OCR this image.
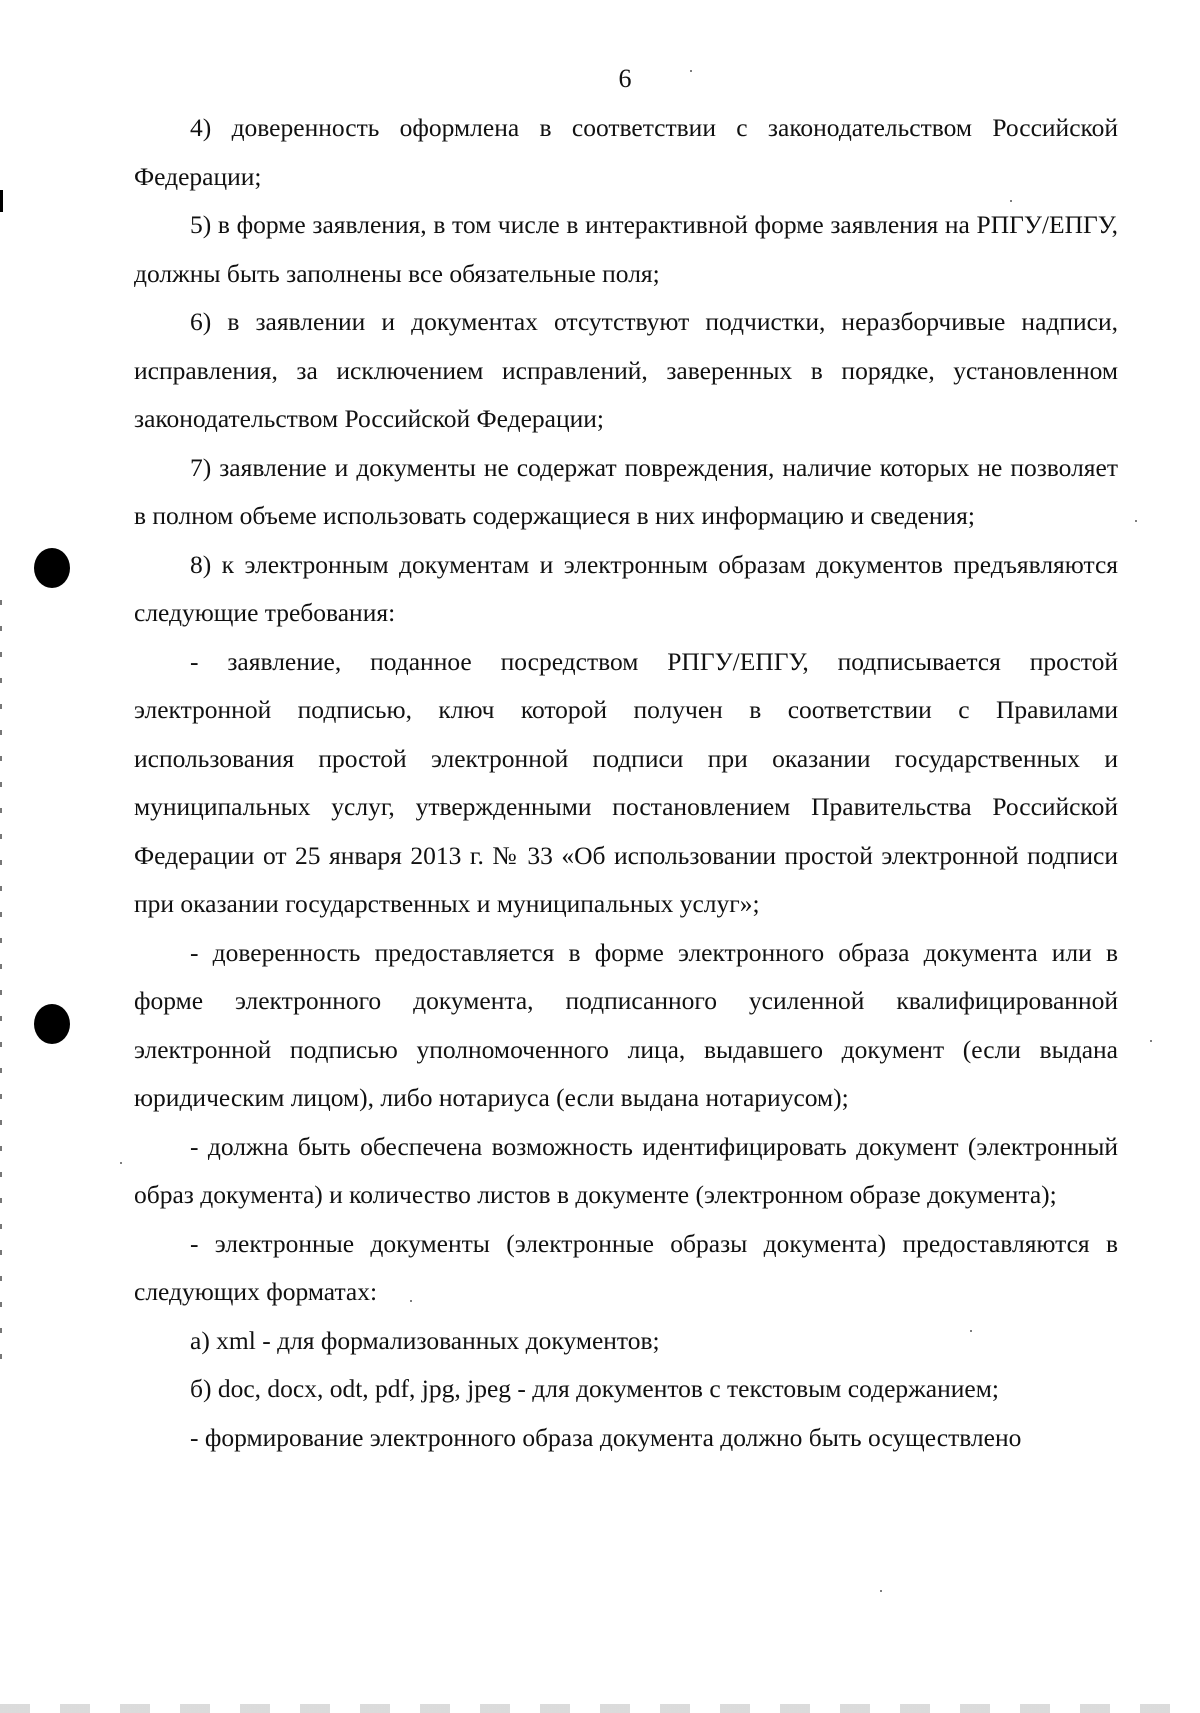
6

4) доверенность оформлена в соответствии с законодательством Российской Федерации;

5) в форме заявления, в том числе в интерактивной форме заявления на РПГУ/ЕПГУ, должны быть заполнены все обязательные поля;

6) в заявлении и документах отсутствуют подчистки, неразборчивые надписи, исправления, за исключением исправлений, заверенных в порядке, установленном законодательством Российской Федерации;

7) заявление и документы не содержат повреждения, наличие которых не позволяет в полном объеме использовать содержащиеся в них информацию и сведения;

8) к электронным документам и электронным образам документов предъявляются следующие требования:

- заявление, поданное посредством РПГУ/ЕПГУ, подписывается простой электронной подписью, ключ которой получен в соответствии с Правилами использования простой электронной подписи при оказании государственных и муниципальных услуг, утвержденными постановлением Правительства Российской Федерации от 25 января 2013 г. № 33 «Об использовании простой электронной подписи при оказании государственных и муниципальных услуг»;

- доверенность предоставляется в форме электронного образа документа или в форме электронного документа, подписанного усиленной квалифицированной электронной подписью уполномоченного лица, выдавшего документ (если выдана юридическим лицом), либо нотариуса (если выдана нотариусом);

- должна быть обеспечена возможность идентифицировать документ (электронный образ документа) и количество листов в документе (электронном образе документа);

- электронные документы (электронные образы документа) предоставляются в следующих форматах:

а) xml - для формализованных документов;

б) doc, docx, odt, pdf, jpg, jpeg - для документов с текстовым содержанием;

- формирование электронного образа документа должно быть осуществлено
